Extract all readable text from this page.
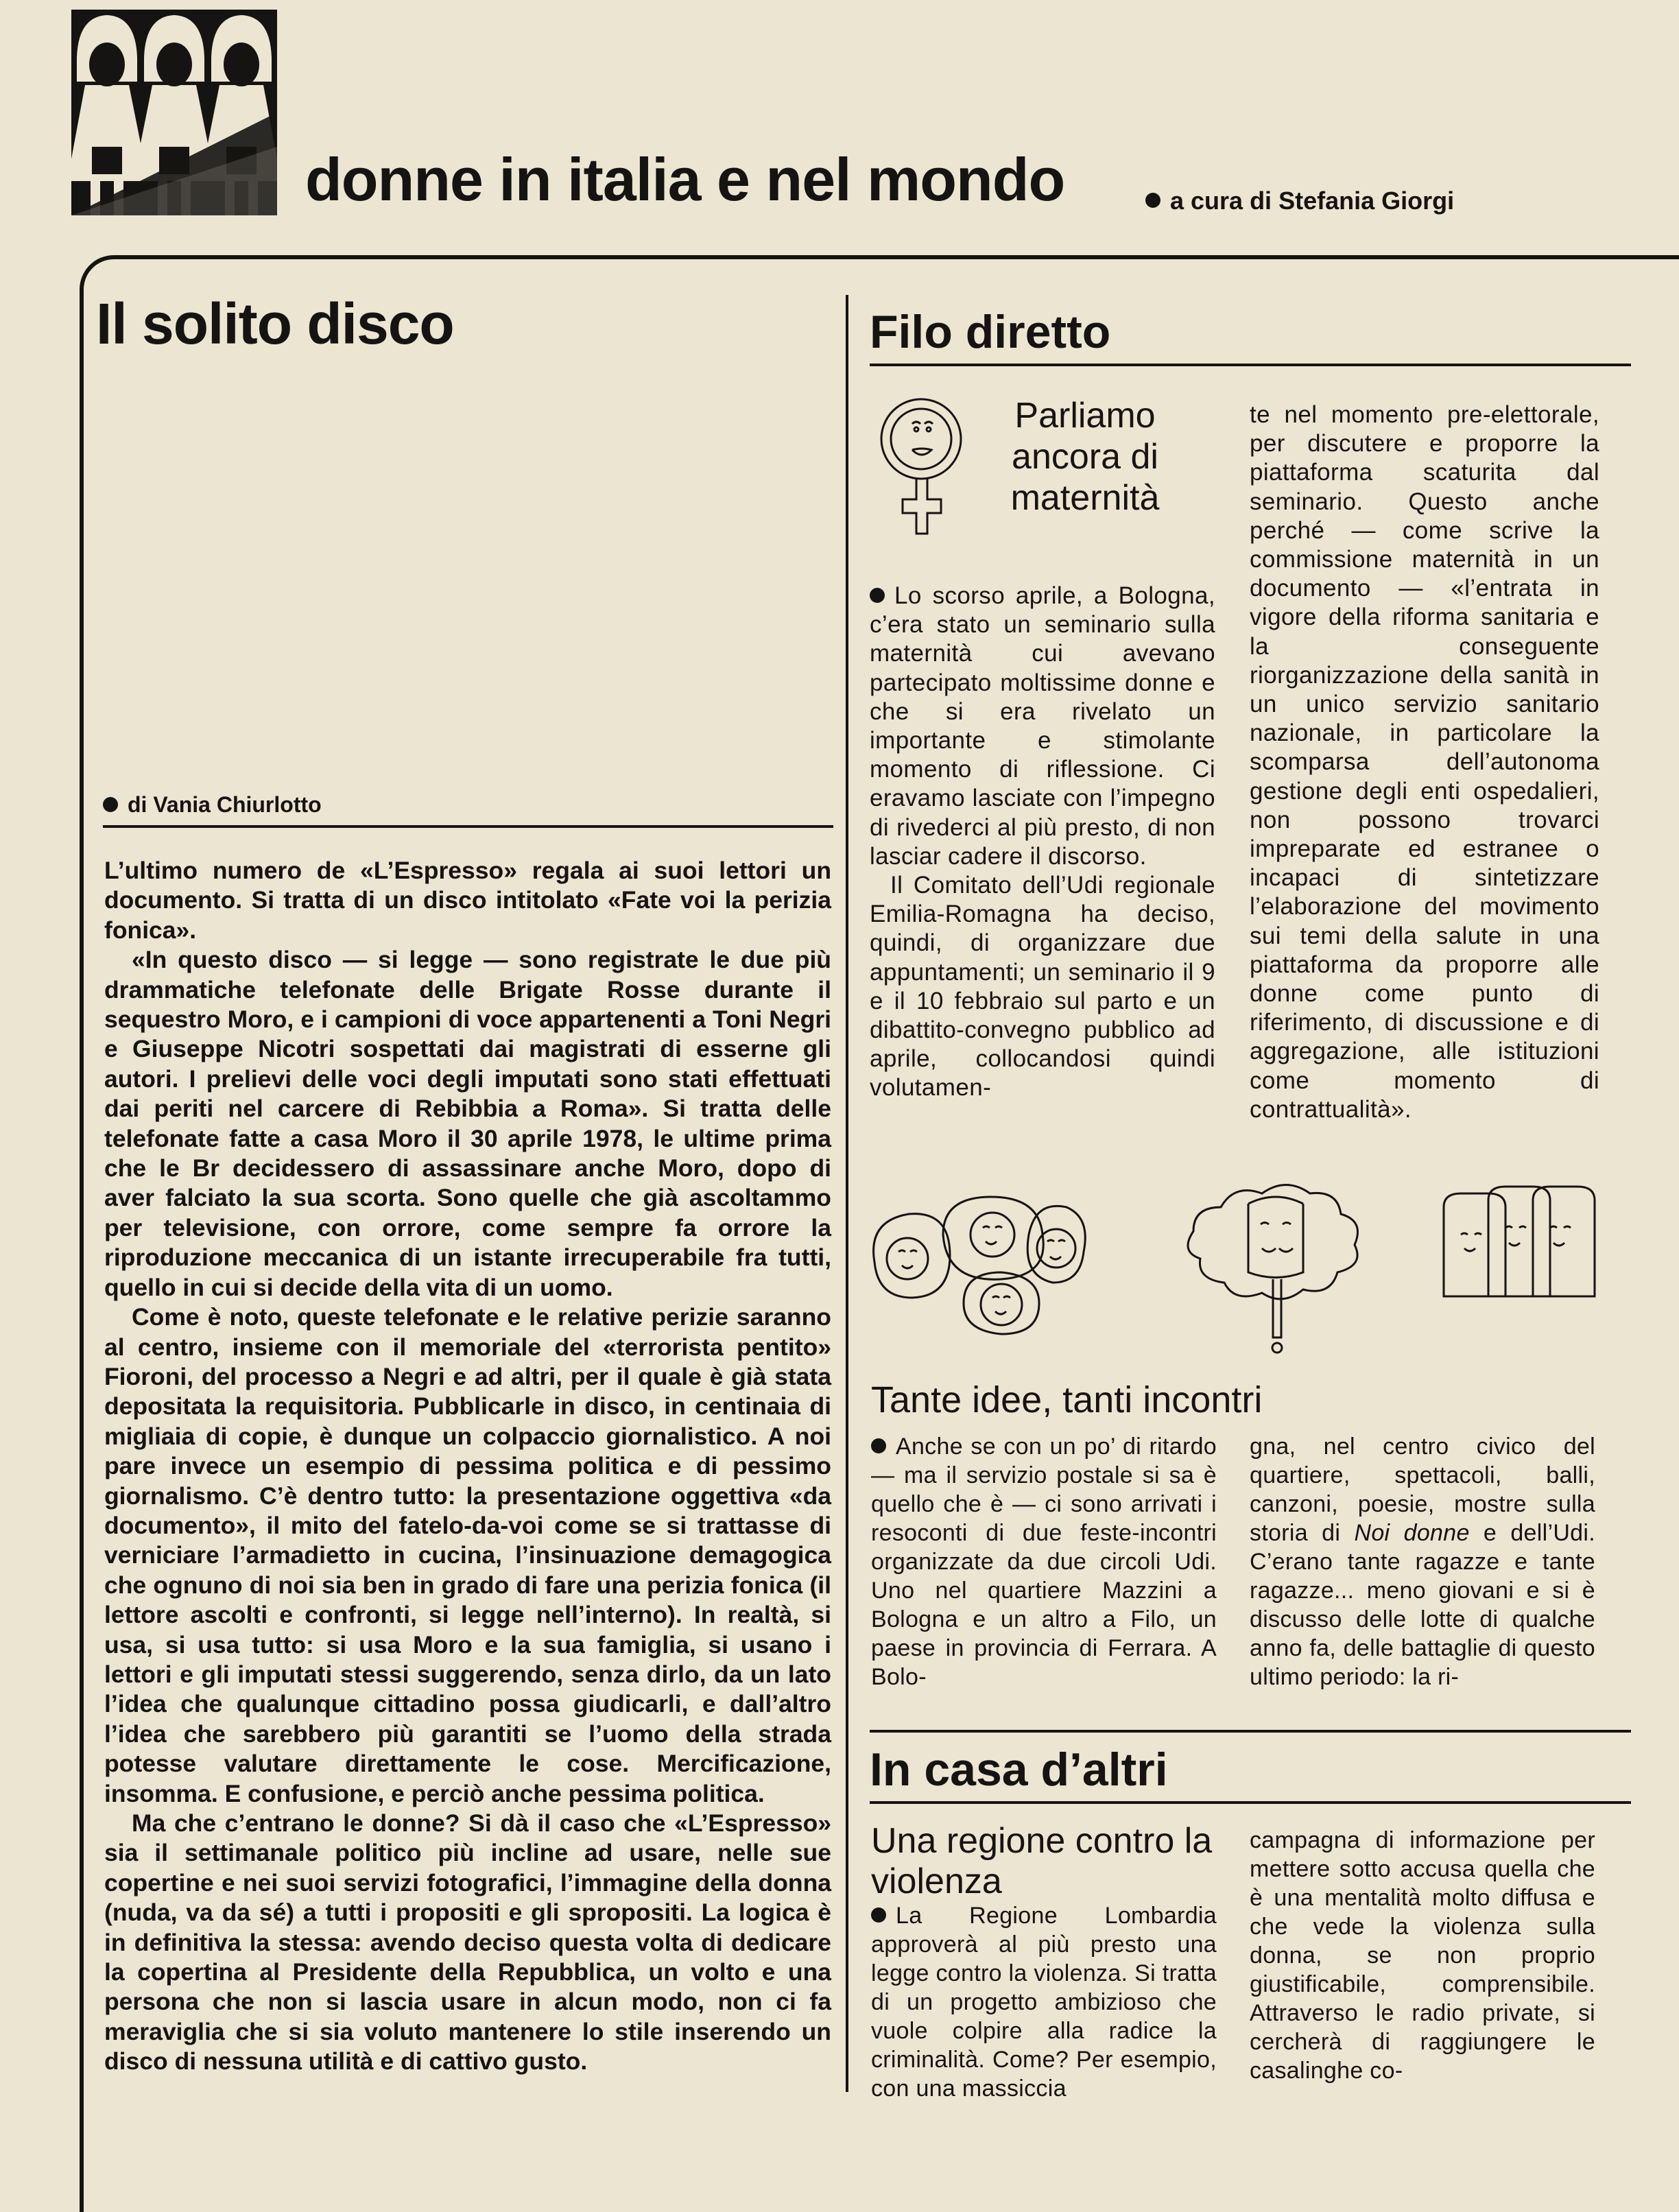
donne in italia e nel mondo	a cura di Stefania Giorgi
Il solito disco
di Vania Chiurlotto

L’ultimo numero de «L’Espresso» regala ai suoi lettori un documento. Si tratta di un disco intitolato «Fate voi la perizia fonica».

«In questo disco — si legge — sono registrate le due più drammatiche telefonate delle Brigate Rosse durante il sequestro Moro, e i campioni di voce appartenenti a Toni Negri e Giuseppe Nicotri sospettati dai magistrati di esserne gli autori. I prelievi delle voci degli imputati sono stati effettuati dai periti nel carcere di Rebibbia a Roma». Si tratta delle telefonate fatte a casa Moro il 30 aprile 1978, le ultime prima che le Br decidessero di assassinare anche Moro, dopo di aver falciato la sua scorta. Sono quelle che già ascoltammo per televisione, con orrore, come sempre fa orrore la riproduzione meccanica di un istante irrecuperabile fra tutti, quello in cui si decide della vita di un uomo.

Come è noto, queste telefonate e le relative perizie saranno al centro, insieme con il memoriale del «terrorista pentito» Fioroni, del processo a Negri e ad altri, per il quale è già stata depositata la requisitoria. Pubblicarle in disco, in centinaia di migliaia di copie, è dunque un colpaccio giornalistico. A noi pare invece un esempio di pessima politica e di pessimo giornalismo. C’è dentro tutto: la presentazione oggettiva «da documento», il mito del fatelo-da-voi come se si trattasse di verniciare l’armadietto in cucina, l’insinuazione demagogica che ognuno di noi sia ben in grado di fare una perizia fonica (il lettore ascolti e confronti, si legge nell’interno). In realtà, si usa, si usa tutto: si usa Moro e la sua famiglia, si usano i lettori e gli imputati stessi suggerendo, senza dirlo, da un lato l’idea che qualunque cittadino possa giudicarli, e dall’altro l’idea che sarebbero più garantiti se l’uomo della strada potesse valutare direttamente le cose. Mercificazione, insomma. E confusione, e perciò anche pessima politica.

Ma che c’entrano le donne? Si dà il caso che «L’Espresso» sia il settimanale politico più incline ad usare, nelle sue copertine e nei suoi servizi fotografici, l’immagine della donna (nuda, va da sé) a tutti i propositi e gli spropositi. La logica è in definitiva la stessa: avendo deciso questa volta di dedicare la copertina al Presidente della Repubblica, un volto e una persona che non si lascia usare in alcun modo, non ci fa meraviglia che si sia voluto mantenere lo stile inserendo un disco di nessuna utilità e di cattivo gusto.

Filo diretto
Parliamo ancora di maternità

Lo scorso aprile, a Bologna, c’era stato un seminario sulla maternità cui avevano partecipato moltissime donne e che si era rivelato un importante e stimolante momento di riflessione. Ci eravamo lasciate con l’impegno di rivederci al più presto, di non lasciar cadere il discorso.

Il Comitato dell’Udi regionale Emilia-Romagna ha deciso, quindi, di organizzare due appuntamenti; un seminario il 9 e il 10 febbraio sul parto e un dibattito-convegno pubblico ad aprile, collocandosi quindi volutamen-

te nel momento pre-elettorale, per discutere e proporre la piattaforma scaturita dal seminario. Questo anche perché — come scrive la commissione maternità in un documento — «l’entrata in vigore della riforma sanitaria e la conseguente riorganizzazione della sanità in un unico servizio sanitario nazionale, in particolare la scomparsa dell’autonoma gestione degli enti ospedalieri, non possono trovarci impreparate ed estranee o incapaci di sintetizzare l’elaborazione del movimento sui temi della salute in una piattaforma da proporre alle donne come punto di riferimento, di discussione e di aggregazione, alle istituzioni come momento di contrattualità».

Tante idee, tanti incontri

Anche se con un po’ di ritardo — ma il servizio postale si sa è quello che è — ci sono arrivati i resoconti di due feste-incontri organizzate da due circoli Udi. Uno nel quartiere Mazzini a Bologna e un altro a Filo, un paese in provincia di Ferrara. A Bolo-

gna, nel centro civico del quartiere, spettacoli, balli, canzoni, poesie, mostre sulla storia di Noi donne e dell’Udi. C’erano tante ragazze e tante ragazze... meno giovani e si è discusso delle lotte di qualche anno fa, delle battaglie di questo ultimo periodo: la ri-

In casa d’altri
Una regione contro la violenza

La Regione Lombardia approverà al più presto una legge contro la violenza. Si tratta di un progetto ambizioso che vuole colpire alla radice la criminalità. Come? Per esempio, con una massiccia

campagna di informazione per mettere sotto accusa quella che è una mentalità molto diffusa e che vede la violenza sulla donna, se non proprio giustificabile, comprensibile. Attraverso le radio private, si cercherà di raggiungere le casalinghe co-
